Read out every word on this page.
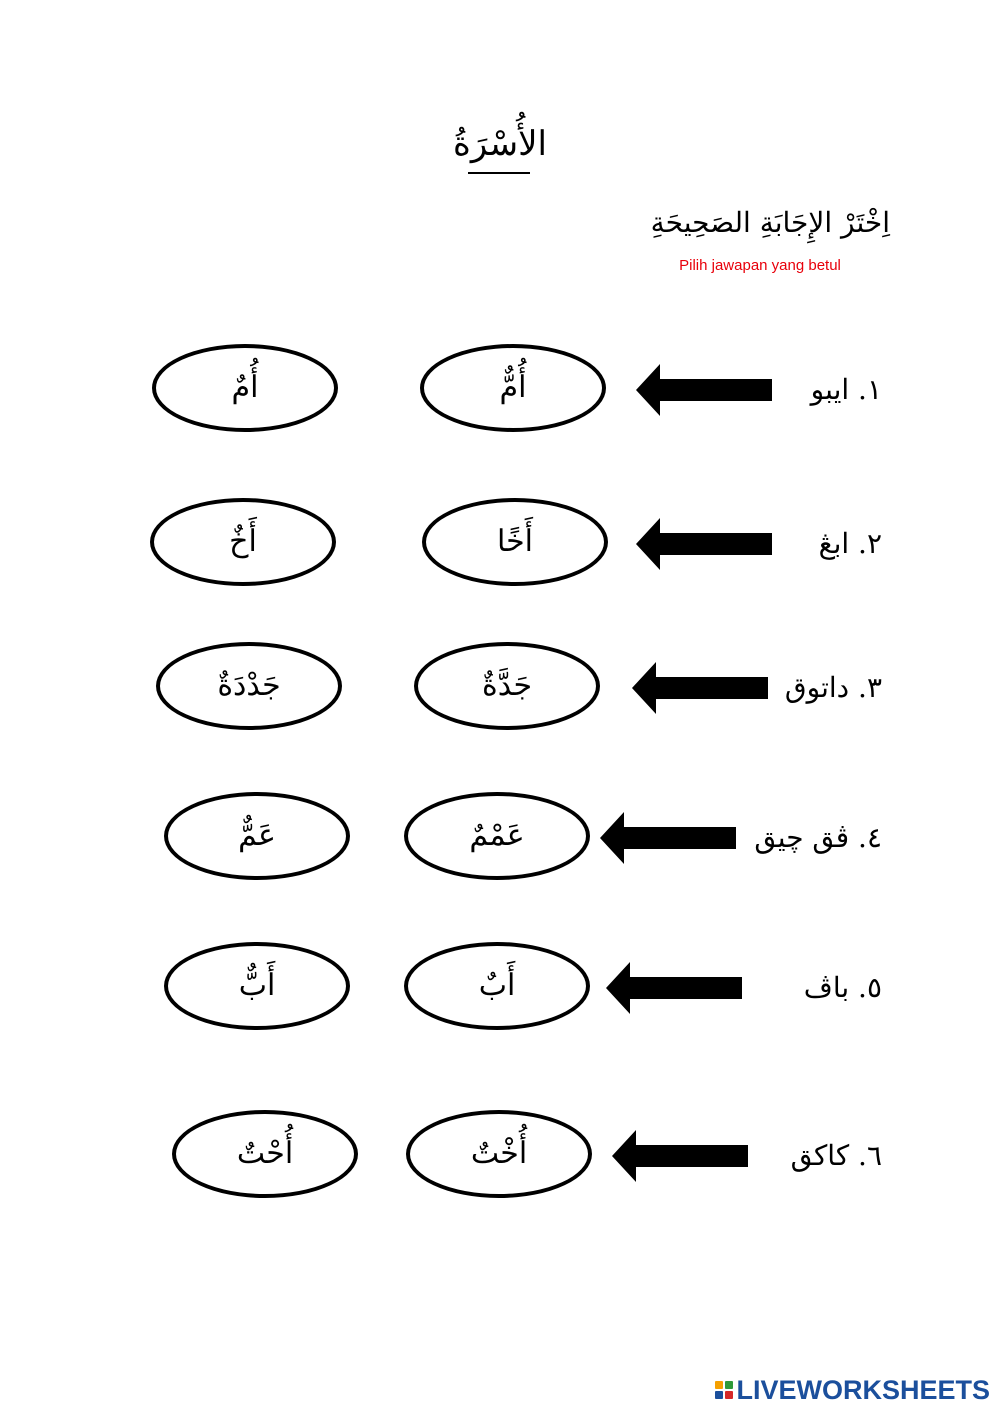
الأُسْرَةُ
اِخْتَرْ الإِجَابَةِ الصَحِيحَةِ
Pilih jawapan yang betul
١. ايبو
أُمٌّ
أُمٌ
٢. ابڠ
أَخًا
أَخٌ
٣. داتوق
جَدَّةٌ
جَدْدَةٌ
٤. ڤق چيق
عَمْمٌ
عَمٌّ
٥. باڤ
أَبٌ
أَبٌّ
٦. كاكق
أُخْتٌ
أُحْتٌ
LIVEWORKSHEETS
